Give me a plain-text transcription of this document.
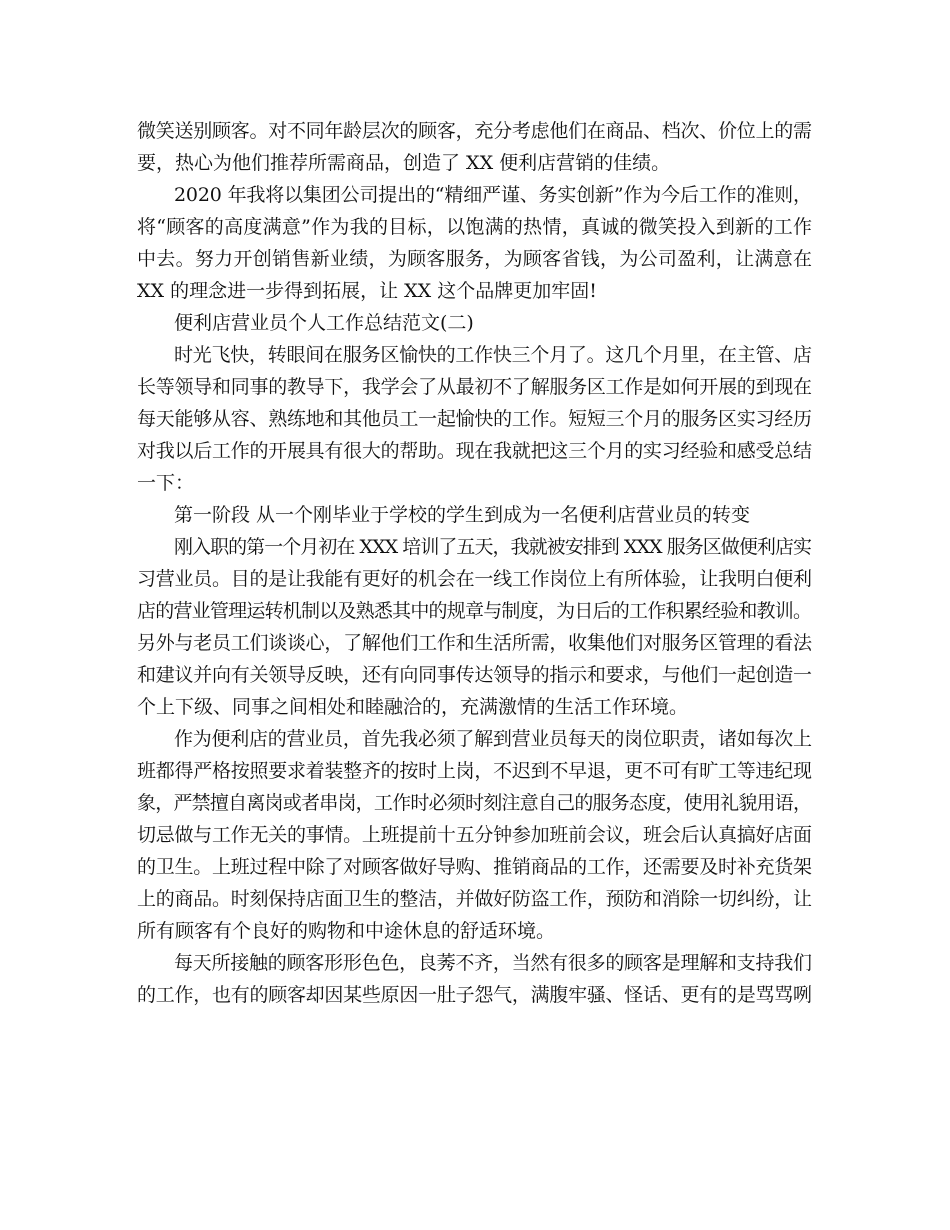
微笑送别顾客。对不同年龄层次的顾客，充分考虑他们在商品、档次、价位上的需

要，热心为他们推荐所需商品，创造了 XX 便利店营销的佳绩。

2020 年我将以集团公司提出的“精细严谨、务实创新”作为今后工作的准则，

将“顾客的高度满意”作为我的目标，以饱满的热情，真诚的微笑投入到新的工作

中去。努力开创销售新业绩，为顾客服务，为顾客省钱，为公司盈利，让满意在

XX 的理念进一步得到拓展，让 XX 这个品牌更加牢固!

便利店营业员个人工作总结范文(二)

时光飞快，转眼间在服务区愉快的工作快三个月了。这几个月里，在主管、店

长等领导和同事的教导下，我学会了从最初不了解服务区工作是如何开展的到现在

每天能够从容、熟练地和其他员工一起愉快的工作。短短三个月的服务区实习经历

对我以后工作的开展具有很大的帮助。现在我就把这三个月的实习经验和感受总结

一下：

第一阶段 从一个刚毕业于学校的学生到成为一名便利店营业员的转变

刚入职的第一个月初在 XXX 培训了五天，我就被安排到 XXX 服务区做便利店实

习营业员。目的是让我能有更好的机会在一线工作岗位上有所体验，让我明白便利

店的营业管理运转机制以及熟悉其中的规章与制度，为日后的工作积累经验和教训。

另外与老员工们谈谈心，了解他们工作和生活所需，收集他们对服务区管理的看法

和建议并向有关领导反映，还有向同事传达领导的指示和要求，与他们一起创造一

个上下级、同事之间相处和睦融洽的，充满激情的生活工作环境。

作为便利店的营业员，首先我必须了解到营业员每天的岗位职责，诸如每次上

班都得严格按照要求着装整齐的按时上岗，不迟到不早退，更不可有旷工等违纪现

象，严禁擅自离岗或者串岗，工作时必须时刻注意自己的服务态度，使用礼貌用语，

切忌做与工作无关的事情。上班提前十五分钟参加班前会议，班会后认真搞好店面

的卫生。上班过程中除了对顾客做好导购、推销商品的工作，还需要及时补充货架

上的商品。时刻保持店面卫生的整洁，并做好防盗工作，预防和消除一切纠纷，让

所有顾客有个良好的购物和中途休息的舒适环境。

每天所接触的顾客形形色色，良莠不齐，当然有很多的顾客是理解和支持我们

的工作，也有的顾客却因某些原因一肚子怨气，满腹牢骚、怪话、更有的是骂骂咧
